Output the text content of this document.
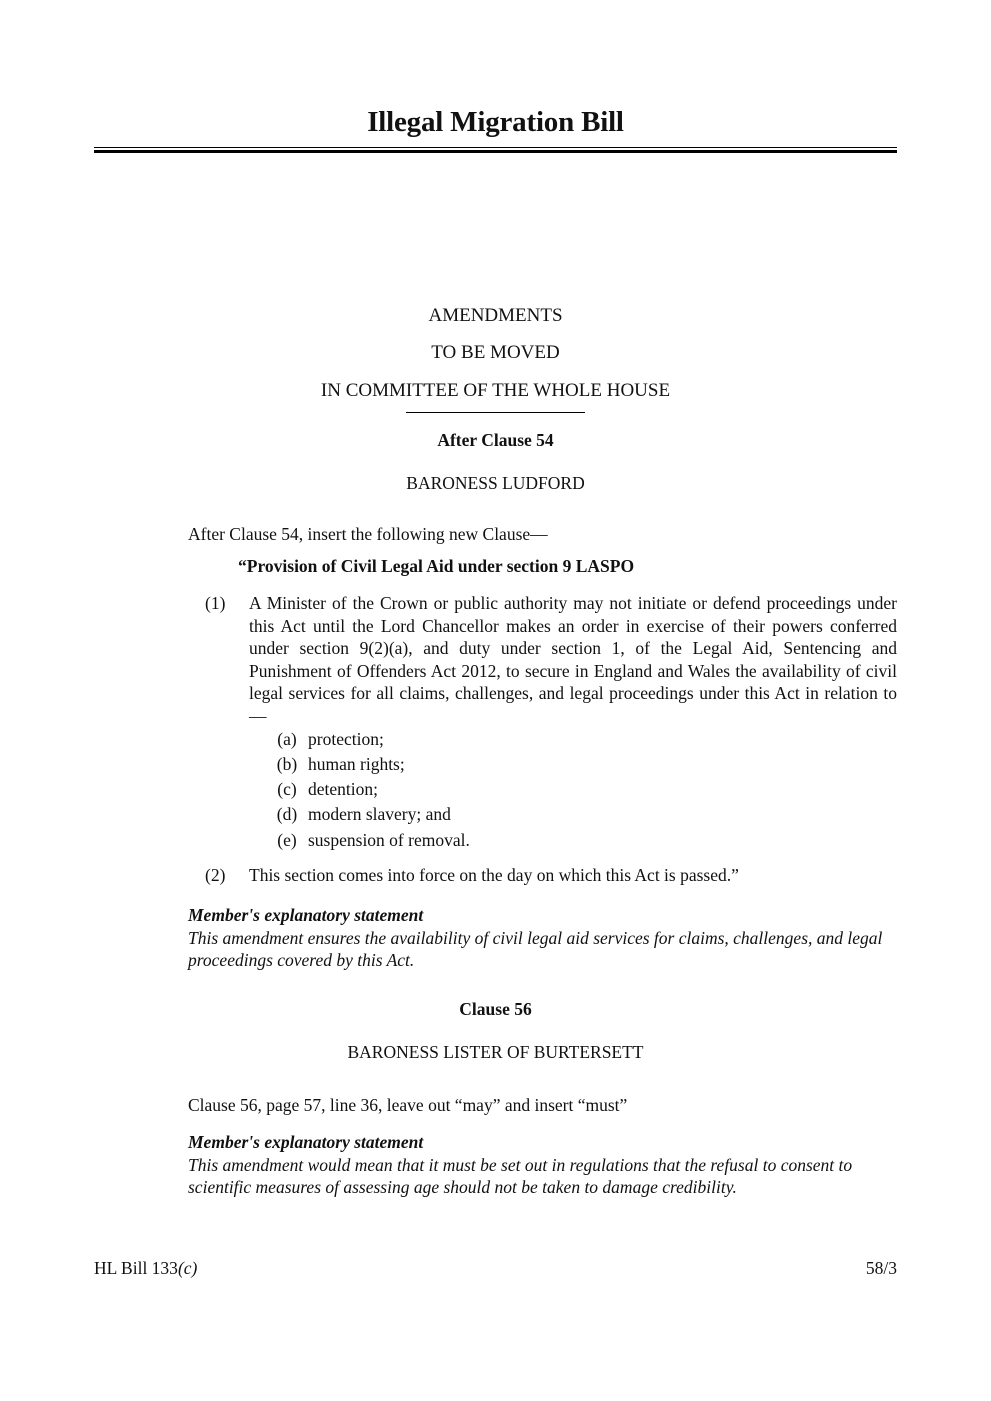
Illegal Migration Bill
AMENDMENTS
TO BE MOVED
IN COMMITTEE OF THE WHOLE HOUSE
After Clause 54
BARONESS LUDFORD
After Clause 54, insert the following new Clause—
“Provision of Civil Legal Aid under section 9 LASPO
(1) A Minister of the Crown or public authority may not initiate or defend proceedings under this Act until the Lord Chancellor makes an order in exercise of their powers conferred under section 9(2)(a), and duty under section 1, of the Legal Aid, Sentencing and Punishment of Offenders Act 2012, to secure in England and Wales the availability of civil legal services for all claims, challenges, and legal proceedings under this Act in relation to—
(a) protection;
(b) human rights;
(c) detention;
(d) modern slavery; and
(e) suspension of removal.
(2) This section comes into force on the day on which this Act is passed.”
Member's explanatory statement
This amendment ensures the availability of civil legal aid services for claims, challenges, and legal proceedings covered by this Act.
Clause 56
BARONESS LISTER OF BURTERSETT
Clause 56, page 57, line 36, leave out “may” and insert “must”
Member's explanatory statement
This amendment would mean that it must be set out in regulations that the refusal to consent to scientific measures of assessing age should not be taken to damage credibility.
HL Bill 133(c)	58/3
